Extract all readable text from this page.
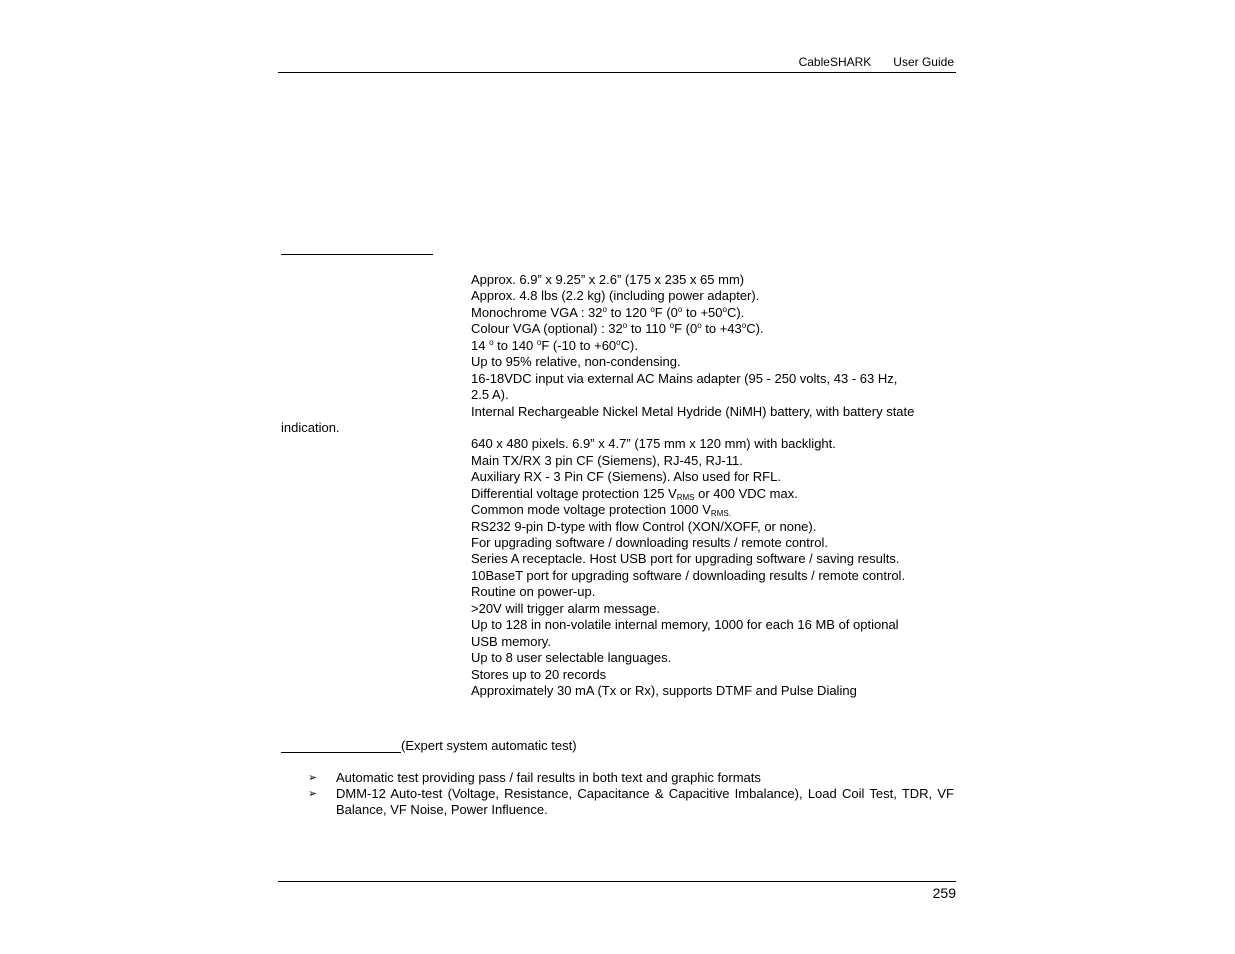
CableSHARK User Guide
Approx. 6.9” x 9.25” x 2.6” (175 x 235 x 65 mm)
Approx. 4.8 lbs (2.2 kg) (including power adapter).
Monochrome VGA : 32$^o$ to 120 $^o$F (0$^o$ to $+50^oC$).
Colour VGA (optional) : 32$^o$ to 110 $^o$F (0$^o$ to $+43^oC$).
14 $^o$ to 140 $^o$F (-10 to $+60^oC$).
Up to 95% relative, non-condensing.
16-18VDC input via external AC Mains adapter (95 - 250 volts, 43 - 63 Hz,
2.5 A).
Internal Rechargeable Nickel Metal Hydride (NiMH) battery, with battery state
indication.
640 x 480 pixels. 6.9” x 4.7” (175 mm x 120 mm) with backlight.
Main TX/RX 3 pin CF (Siemens), RJ-45, RJ-11.
Auxiliary RX - 3 Pin CF (Siemens). Also used for RFL.
Differential voltage protection 125 $V_{RMS}$ or 400 VDC max.
Common mode voltage protection 1000 $V_{RMS.}$
RS232 9-pin D-type with flow Control (XON/XOFF, or none).
For upgrading software / downloading results / remote control.
Series A receptacle. Host USB port for upgrading software / saving results.
10BaseT port for upgrading software / downloading results / remote control.
Routine on power-up.
>20V will trigger alarm message.
Up to 128 in non-volatile internal memory, 1000 for each 16 MB of optional
USB memory.
Up to 8 user selectable languages.
Stores up to 20 records
Approximately 30 mA (Tx or Rx), supports DTMF and Pulse Dialing
(Expert system automatic test)
➢ Automatic test providing pass / fail results in both text and graphic formats
➢ DMM-12 Auto-test (Voltage, Resistance, Capacitance & Capacitive Imbalance), Load Coil Test, TDR, VF Balance, VF Noise, Power Influence.
259
